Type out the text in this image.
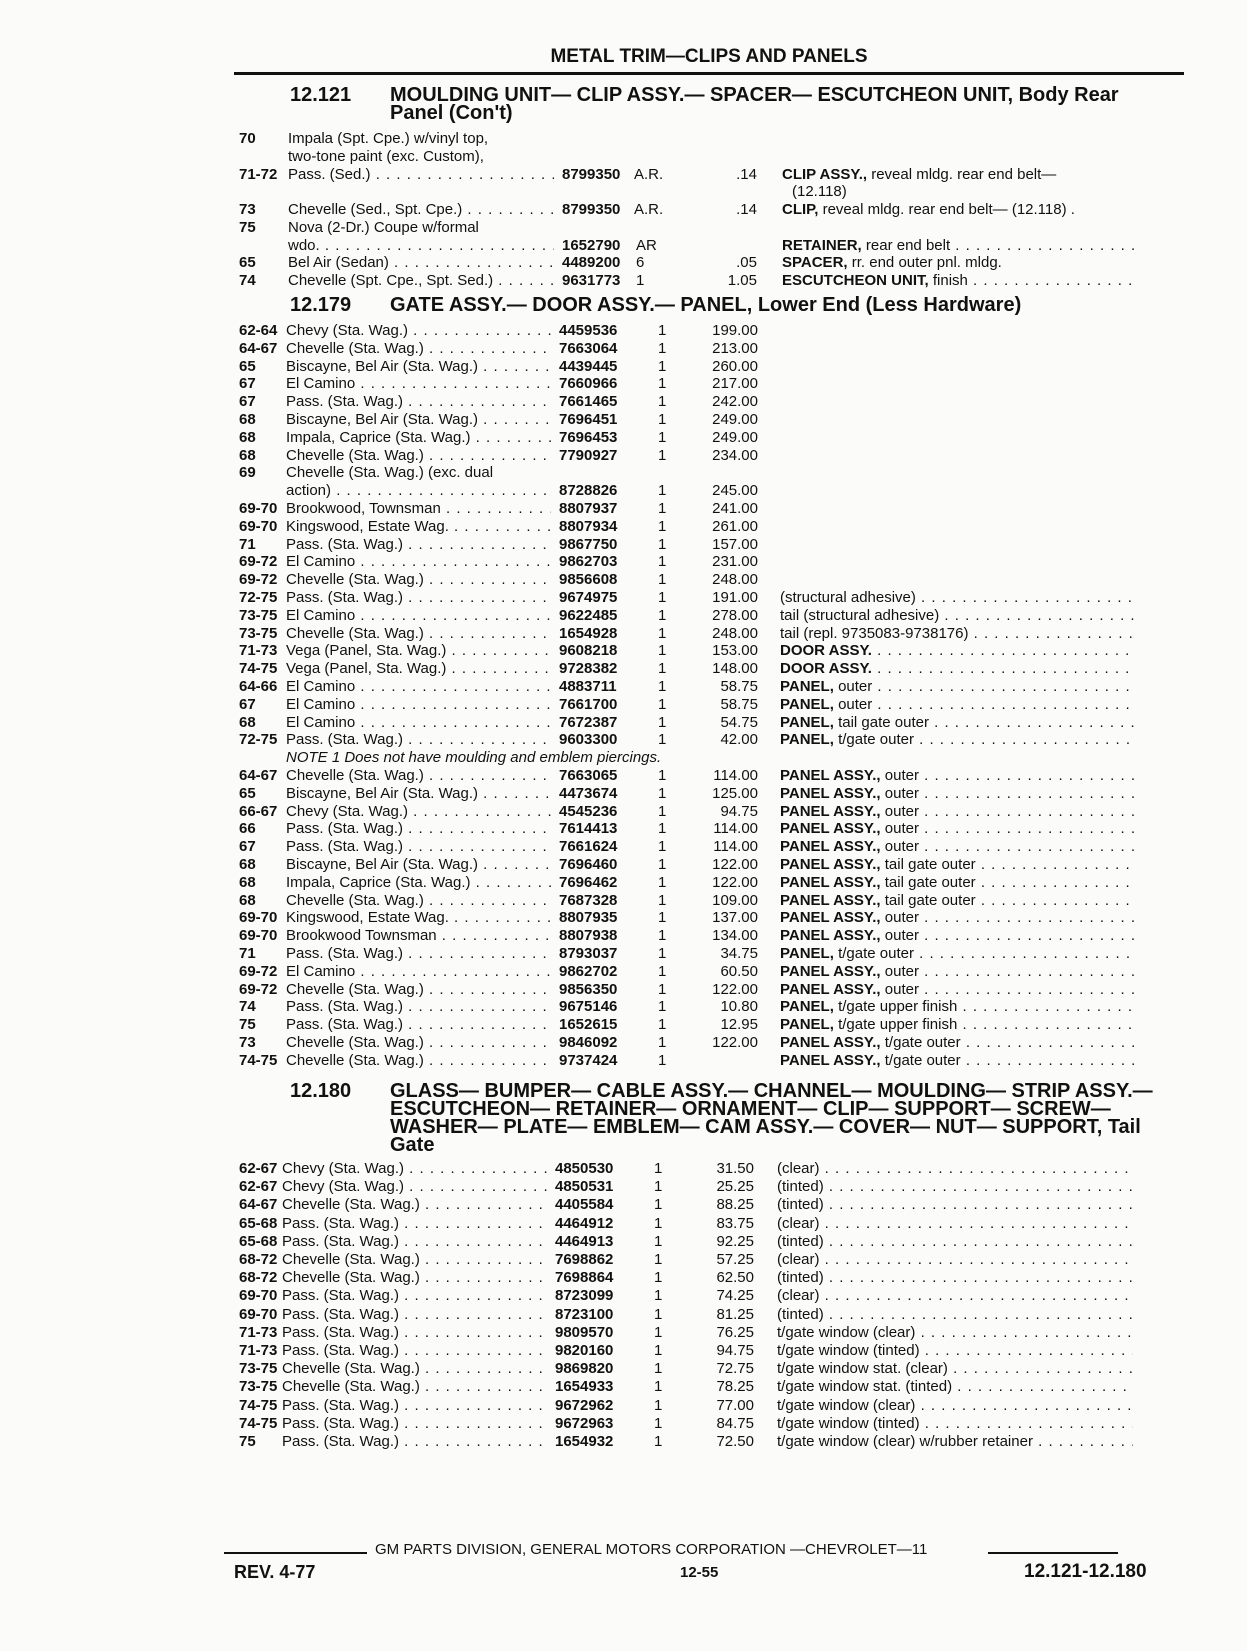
METAL TRIM—CLIPS AND PANELS
12.121 MOULDING UNIT— CLIP ASSY.— SPACER— ESCUTCHEON UNIT, Body Rear Panel (Con't)
70 Impala (Spt. Cpe.) w/vinyl top,
two-tone paint (exc. Custom),
71-72 Pass. (Sed.) . . .	8799350 A.R.	.14 CLIP ASSY., reveal mldg. rear end belt—
(12.118)
73 Chevelle (Sed., Spt. Cpe.) . . .	8799350 A.R.	.14 CLIP, reveal mldg. rear end belt— (12.118) .
75 Nova (2-Dr.) Coupe w/formal
wdo. . . .	1652790 AR	RETAINER, rear end belt . . .
65 Bel Air (Sedan) . . .	4489200 6	.05 SPACER, rr. end outer pnl. mldg.
74 Chevelle (Spt. Cpe., Spt. Sed.) . . .	9631773 1	1.05 ESCUTCHEON UNIT, finish . . .
12.179 GATE ASSY.— DOOR ASSY.— PANEL, Lower End (Less Hardware)
62-64 Chevy (Sta. Wag.) . . .	4459536	1	199.00
64-67 Chevelle (Sta. Wag.) . . .	7663064	1	213.00
65 Biscayne, Bel Air (Sta. Wag.) . . .	4439445	1	260.00
67 El Camino . . .	7660966	1	217.00
67 Pass. (Sta. Wag.) . . .	7661465	1	242.00
68 Biscayne, Bel Air (Sta. Wag.) . . .	7696451	1	249.00
68 Impala, Caprice (Sta. Wag.) . . .	7696453	1	249.00
68 Chevelle (Sta. Wag.) . . .	7790927	1	234.00
69 Chevelle (Sta. Wag.) (exc. dual
action) . . .	8728826	1	245.00
69-70 Brookwood, Townsman . . .	8807937	1	241.00
69-70 Kingswood, Estate Wag. . . .	8807934	1	261.00
71 Pass. (Sta. Wag.) . . .	9867750	1	157.00
69-72 El Camino . . .	9862703	1	231.00
69-72 Chevelle (Sta. Wag.) . . .	9856608	1	248.00
72-75 Pass. (Sta. Wag.) . . .	9674975	1	191.00 (structural adhesive) . . .
73-75 El Camino . . .	9622485	1	278.00 tail (structural adhesive) . . .
73-75 Chevelle (Sta. Wag.) . . .	1654928	1	248.00 tail (repl. 9735083-9738176) . . .
71-73 Vega (Panel, Sta. Wag.) . . .	9608218	1	153.00 DOOR ASSY. . . .
74-75 Vega (Panel, Sta. Wag.) . . .	9728382	1	148.00 DOOR ASSY. . . .
64-66 El Camino . . .	4883711	1	58.75 PANEL, outer . . .
67 El Camino . . .	7661700	1	58.75 PANEL, outer . . .
68 El Camino . . .	7672387	1	54.75 PANEL, tail gate outer . . .
72-75 Pass. (Sta. Wag.) . . .	9603300	1	42.00 PANEL, t/gate outer . . .
NOTE 1 Does not have moulding and emblem piercings.
64-67 Chevelle (Sta. Wag.) . . .	7663065	1	114.00 PANEL ASSY., outer . . .
65 Biscayne, Bel Air (Sta. Wag.) . . .	4473674	1	125.00 PANEL ASSY., outer . . .
66-67 Chevy (Sta. Wag.) . . .	4545236	1	94.75 PANEL ASSY., outer . . .
66 Pass. (Sta. Wag.) . . .	7614413	1	114.00 PANEL ASSY., outer . . .
67 Pass. (Sta. Wag.) . . .	7661624	1	114.00 PANEL ASSY., outer . . .
68 Biscayne, Bel Air (Sta. Wag.) . . .	7696460	1	122.00 PANEL ASSY., tail gate outer . . .
68 Impala, Caprice (Sta. Wag.) . . .	7696462	1	122.00 PANEL ASSY., tail gate outer . . .
68 Chevelle (Sta. Wag.) . . .	7687328	1	109.00 PANEL ASSY., tail gate outer . . .
69-70 Kingswood, Estate Wag. . . .	8807935	1	137.00 PANEL ASSY., outer . . .
69-70 Brookwood Townsman . . .	8807938	1	134.00 PANEL ASSY., outer . . .
71 Pass. (Sta. Wag.) . . .	8793037	1	34.75 PANEL, t/gate outer . . .
69-72 El Camino . . .	9862702	1	60.50 PANEL ASSY., outer . . .
69-72 Chevelle (Sta. Wag.) . . .	9856350	1	122.00 PANEL ASSY., outer . . .
74 Pass. (Sta. Wag.) . . .	9675146	1	10.80 PANEL, t/gate upper finish . . .
75 Pass. (Sta. Wag.) . . .	1652615	1	12.95 PANEL, t/gate upper finish . . .
73 Chevelle (Sta. Wag.) . . .	9846092	1	122.00 PANEL ASSY., t/gate outer . . .
74-75 Chevelle (Sta. Wag.) . . .	9737424	1	PANEL ASSY., t/gate outer . . .
12.180 GLASS— BUMPER— CABLE ASSY.— CHANNEL— MOULDING— STRIP ASSY.— ESCUTCHEON— RETAINER— ORNAMENT— CLIP— SUPPORT— SCREW— WASHER— PLATE— EMBLEM— CAM ASSY.— COVER— NUT— SUPPORT, Tail Gate
62-67 Chevy (Sta. Wag.) . . .	4850530	1	31.50 (clear) . . .
62-67 Chevy (Sta. Wag.) . . .	4850531	1	25.25 (tinted) . . .
64-67 Chevelle (Sta. Wag.) . . .	4405584	1	88.25 (tinted) . . .
65-68 Pass. (Sta. Wag.) . . .	4464912	1	83.75 (clear) . . .
65-68 Pass. (Sta. Wag.) . . .	4464913	1	92.25 (tinted) . . .
68-72 Chevelle (Sta. Wag.) . . .	7698862	1	57.25 (clear) . . .
68-72 Chevelle (Sta. Wag.) . . .	7698864	1	62.50 (tinted) . . .
69-70 Pass. (Sta. Wag.) . . .	8723099	1	74.25 (clear) . . .
69-70 Pass. (Sta. Wag.) . . .	8723100	1	81.25 (tinted) . . .
71-73 Pass. (Sta. Wag.) . . .	9809570	1	76.25 t/gate window (clear) . . .
71-73 Pass. (Sta. Wag.) . . .	9820160	1	94.75 t/gate window (tinted) . . .
73-75 Chevelle (Sta. Wag.) . . .	9869820	1	72.75 t/gate window stat. (clear) . . .
73-75 Chevelle (Sta. Wag.) . . .	1654933	1	78.25 t/gate window stat. (tinted) . . .
74-75 Pass. (Sta. Wag.) . . .	9672962	1	77.00 t/gate window (clear) . . .
74-75 Pass. (Sta. Wag.) . . .	9672963	1	84.75 t/gate window (tinted) . . .
75 Pass. (Sta. Wag.) . . .	1654932	1	72.50 t/gate window (clear) w/rubber retainer . . .
GM PARTS DIVISION, GENERAL MOTORS CORPORATION —CHEVROLET—11
REV. 4-77	12-55	12.121-12.180
